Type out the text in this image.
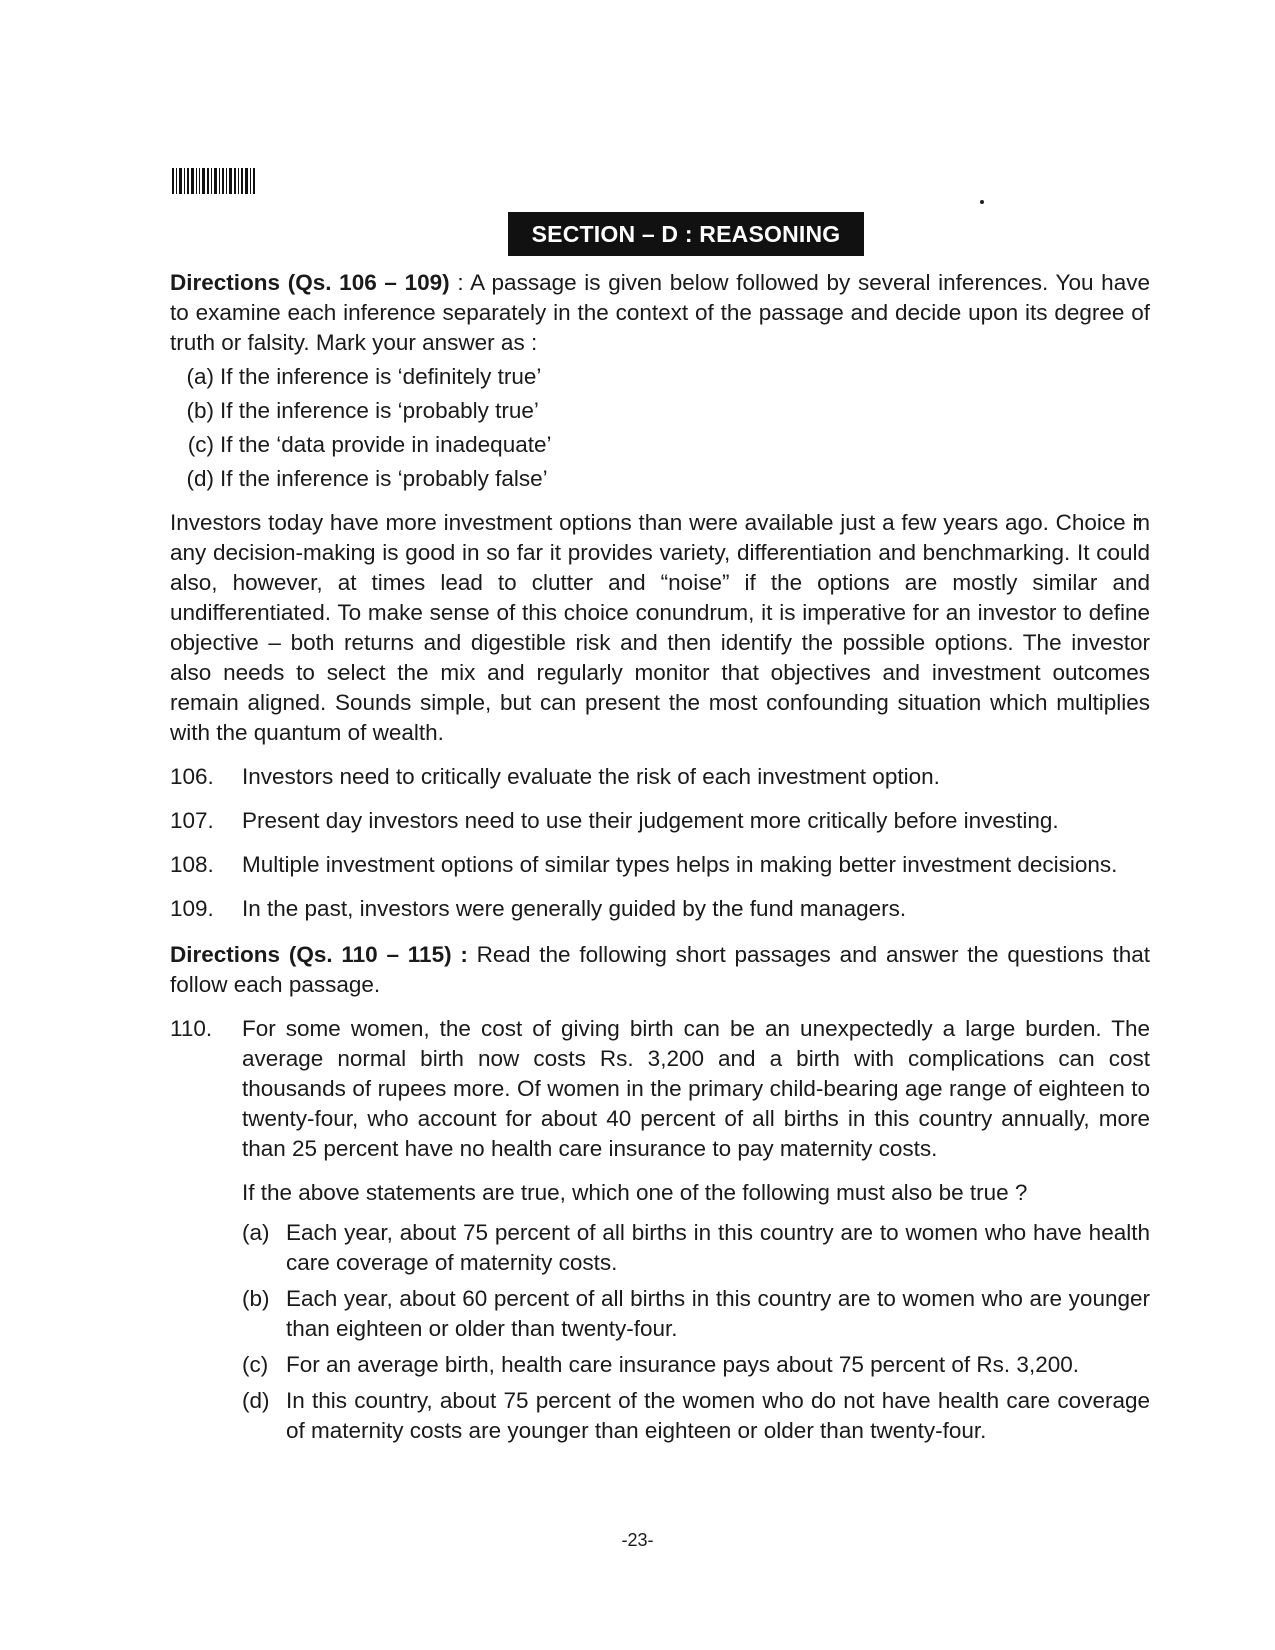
SECTION – D : REASONING

Directions (Qs. 106 – 109) : A passage is given below followed by several inferences. You have to examine each inference separately in the context of the passage and decide upon its degree of truth or falsity. Mark your answer as :

(a) If the inference is ‘definitely true’
(b) If the inference is ‘probably true’
(c) If the ‘data provide in inadequate’
(d) If the inference is ‘probably false’

Investors today have more investment options than were available just a few years ago. Choice in any decision-making is good in so far it provides variety, differentiation and benchmarking. It could also, however, at times lead to clutter and “noise” if the options are mostly similar and undifferentiated. To make sense of this choice conundrum, it is imperative for an investor to define objective – both returns and digestible risk and then identify the possible options. The investor also needs to select the mix and regularly monitor that objectives and investment outcomes remain aligned. Sounds simple, but can present the most confounding situation which multiplies with the quantum of wealth.

106.	Investors need to critically evaluate the risk of each investment option.
107.	Present day investors need to use their judgement more critically before investing.
108.	Multiple investment options of similar types helps in making better investment decisions.
109.	In the past, investors were generally guided by the fund managers.

Directions (Qs. 110 – 115) : Read the following short passages and answer the questions that follow each passage.

110.	For some women, the cost of giving birth can be an unexpectedly a large burden. The average normal birth now costs Rs. 3,200 and a birth with complications can cost thousands of rupees more. Of women in the primary child-bearing age range of eighteen to twenty-four, who account for about 40 percent of all births in this country annually, more than 25 percent have no health care insurance to pay maternity costs.
If the above statements are true, which one of the following must also be true ?
(a) Each year, about 75 percent of all births in this country are to women who have health care coverage of maternity costs.
(b) Each year, about 60 percent of all births in this country are to women who are younger than eighteen or older than twenty-four.
(c) For an average birth, health care insurance pays about 75 percent of Rs. 3,200.
(d) In this country, about 75 percent of the women who do not have health care coverage of maternity costs are younger than eighteen or older than twenty-four.
-23-
